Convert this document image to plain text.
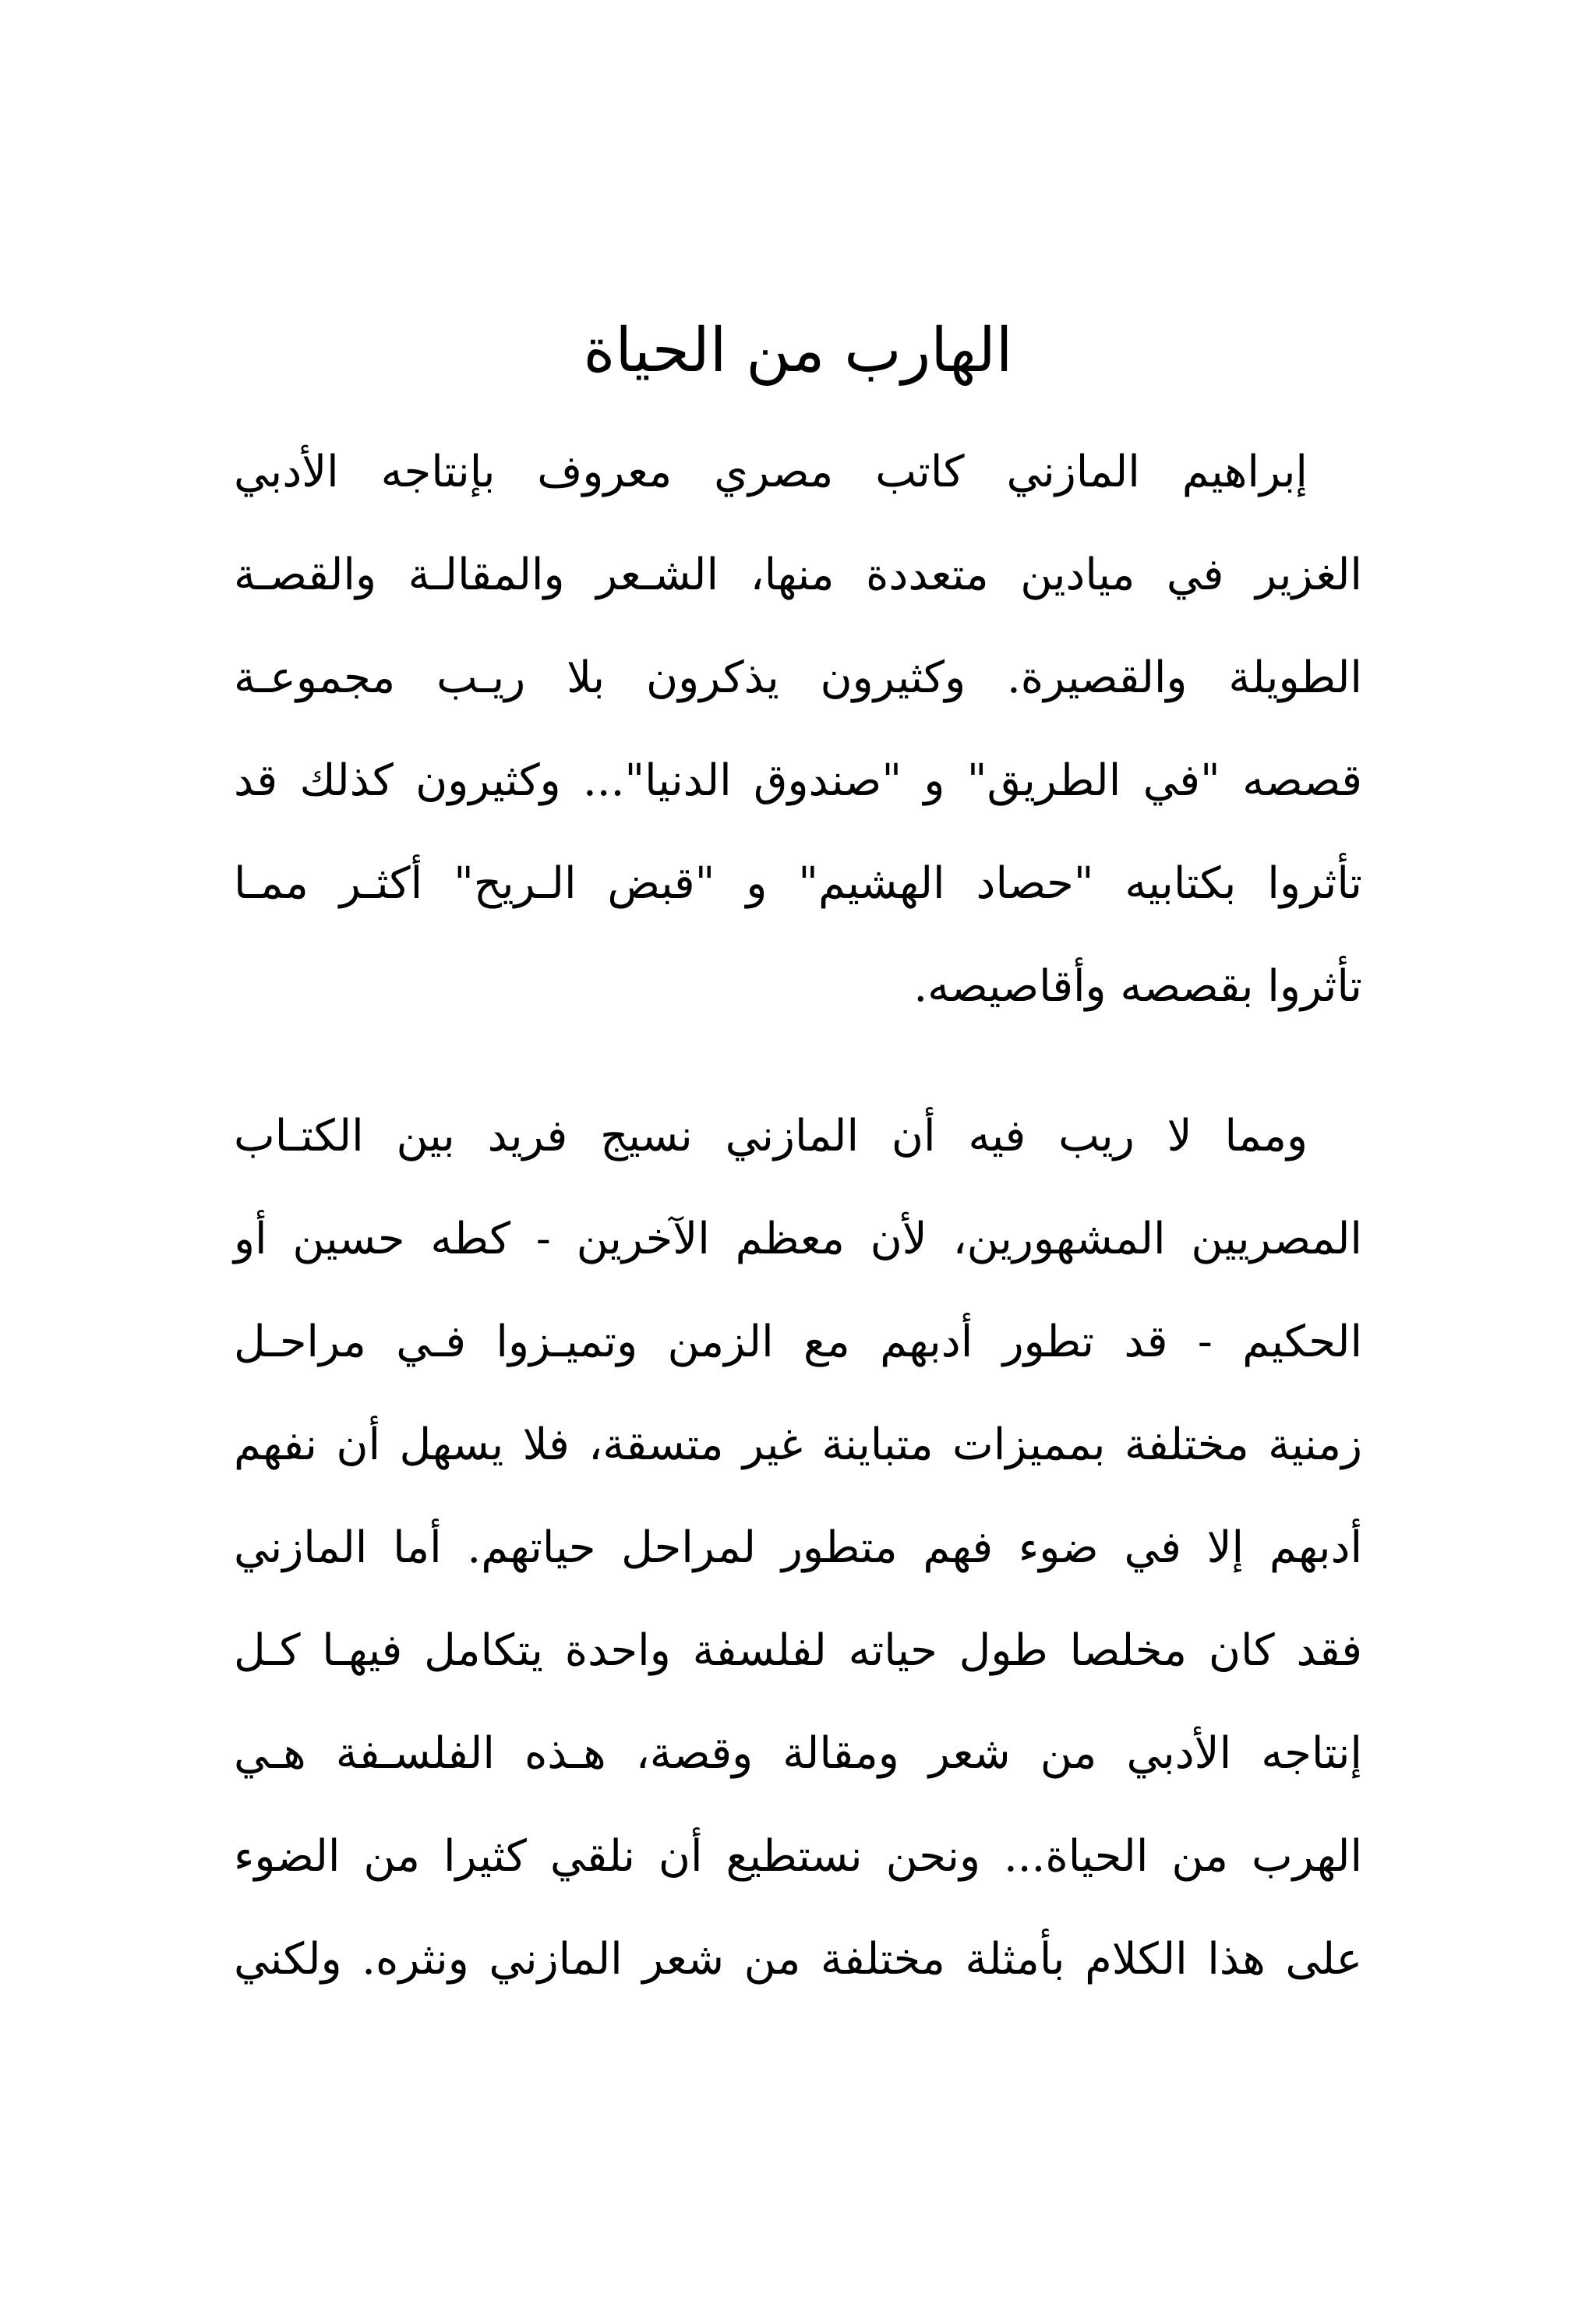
الهارب من الحياة
إبراهيم المازني كاتب مصري معروف بإنتاجه الأدبي
الغزير في ميادين متعددة منها، الشـعر والمقالـة والقصـة
الطويلة والقصيرة. وكثيرون يذكرون بلا ريـب مجموعـة
قصصه "في الطريق" و "صندوق الدنيا"... وكثيرون كذلك قد
تأثروا بكتابيه "حصاد الهشيم" و "قبض الـريح" أكثـر ممـا
تأثروا بقصصه وأقاصيصه.
ومما لا ريب فيه أن المازني نسيج فريد بين الكتـاب
المصريين المشهورين، لأن معظم الآخرين - كطه حسين أو
الحكيم - قد تطور أدبهم مع الزمن وتميـزوا فـي مراحـل
زمنية مختلفة بمميزات متباينة غير متسقة، فلا يسهل أن نفهم
أدبهم إلا في ضوء فهم متطور لمراحل حياتهم. أما المازني
فقد كان مخلصا طول حياته لفلسفة واحدة يتكامل فيهـا كـل
إنتاجه الأدبي من شعر ومقالة وقصة، هـذه الفلسـفة هـي
الهرب من الحياة... ونحن نستطيع أن نلقي كثيرا من الضوء
على هذا الكلام بأمثلة مختلفة من شعر المازني ونثره. ولكني
